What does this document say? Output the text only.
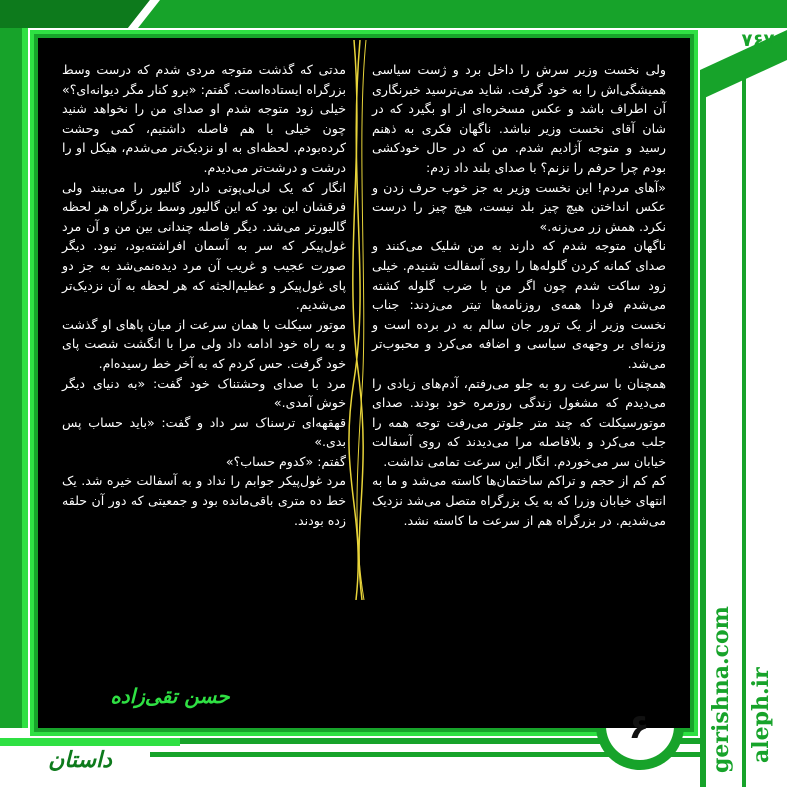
ولی نخست وزیر سرش را داخل برد و ژست سیاسی همیشگی‌اش را به خود گرفت. شاید می‌ترسید خبرنگاری آن اطراف باشد و عکس مسخره‌ای از او بگیرد که در شان آقای نخست وزیر نباشد. ناگهان فکری به ذهنم رسید و متوجه آژادیم شدم. من که در حال خودکشی بودم چرا حرفم را نزنم؟ با صدای بلند داد زدم:

«آهای مردم! این نخست وزیر به جز خوب حرف زدن و عکس انداختن هیچ چیز بلد نیست، هیچ چیز را درست نکرد. همش زر می‌زنه.»

ناگهان متوجه شدم که دارند به من شلیک می‌کنند و صدای کمانه کردن گلوله‌ها را روی آسفالت شنیدم. خیلی زود ساکت شدم چون اگر من با ضرب گلوله کشته می‌شدم فردا همه‌ی روزنامه‌ها تیتر می‌زدند: جناب نخست وزیر از یک ترور جان سالم به در برده است و وزنه‌ای بر وجهه‌ی سیاسی و اضافه می‌کرد و محبوب‌تر می‌شد.

همچنان با سرعت رو به جلو می‌رفتم، آدم‌های زیادی را می‌دیدم که مشغول زندگی روزمره خود بودند. صدای موتورسیکلت که چند متر جلوتر می‌رفت توجه همه را جلب می‌کرد و بلافاصله مرا می‌دیدند که روی آسفالت خیابان سر می‌خوردم. انگار این سرعت تمامی نداشت.

کم کم از حجم و تراکم ساختمان‌ها کاسته می‌شد و ما به انتهای خیابان وزرا که به یک بزرگراه متصل می‌شد نزدیک می‌شدیم. در بزرگراه هم از سرعت ما کاسته نشد.

مدتی که گذشت متوجه مردی شدم که درست وسط بزرگراه ایستاده‌است. گفتم: «برو کنار مگر دیوانه‌ای؟» خیلی زود متوجه شدم او صدای من را نخواهد شنید چون خیلی با هم فاصله داشتیم، کمی وحشت کرده‌بودم. لحظه‌ای به او نزدیک‌تر می‌شدم، هیکل او را درشت و درشت‌تر می‌دیدم.

انگار که یک لی‌لی‌پوتی دارد گالیور را می‌بیند ولی فرقشان این بود که این گالیور وسط بزرگراه هر لحظه گالیورتر می‌شد. دیگر فاصله چندانی بین من و آن مرد غول‌پیکر که سر به آسمان افراشته‌بود، نبود. دیگر صورت عجیب و غریب آن مرد دیده‌نمی‌شد به جز دو پای غول‌پیکر و عظیم‌الجثه که هر لحظه به آن نزدیک‌تر می‌شدیم.

موتور سیکلت با همان سرعت از میان پاهای او گذشت و به راه خود ادامه داد ولی مرا با انگشت شصت پای خود گرفت. حس کردم که به آخر خط رسیده‌ام.

مرد با صدای وحشتناک خود گفت: «به دنیای دیگر خوش آمدی.»

قهقهه‌ای ترسناک سر داد و گفت: «باید حساب پس بدی.»

گفتم: «کدوم حساب؟»

مرد غول‌پیکر جوابم را نداد و به آسفالت خیره شد. یک خط ده متری باقی‌مانده بود و جمعیتی که دور آن حلقه زده بودند.

حسن تقی‌زاده
۷۶۷
۶
داستان	gerishna.com aleph.ir
